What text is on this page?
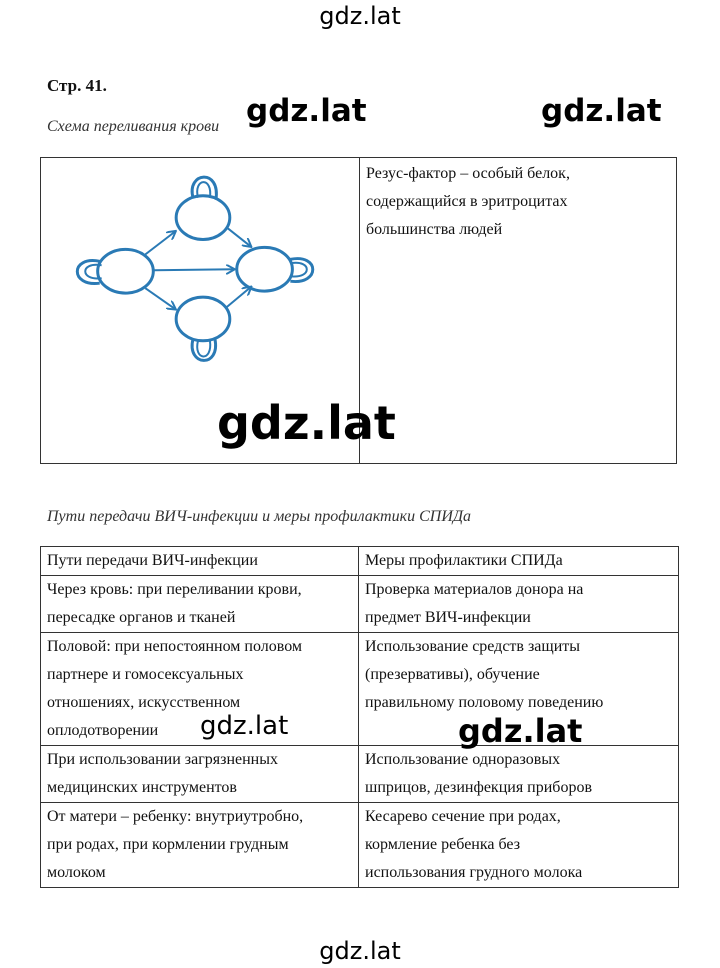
gdz.lat
Стр. 41.
Схема переливания крови
Резус-фактор – особый белок,
содержащийся в эритроцитах
большинства людей
Пути передачи ВИЧ-инфекции и меры профилактики СПИДа
Пути передачи ВИЧ-инфекции	Меры профилактики СПИДа

Через кровь: при переливании крови,
пересадке органов и тканей	Проверка материалов донора на
предмет ВИЧ-инфекции

Половой: при непостоянном половом
партнере и гомосексуальных
отношениях, искусственном
оплодотворении	Использование средств защиты
(презервативы), обучение
правильному половому поведению

При использовании загрязненных
медицинских инструментов	Использование одноразовых
шприцов, дезинфекция приборов

От матери – ребенку: внутриутробно,
при родах, при кормлении грудным
молоком	Кесарево сечение при родах,
кормление ребенка без
использования грудного молока
gdz.lat	gdz.lat
gdz.lat
gdz.lat	gdz.lat
gdz.lat
